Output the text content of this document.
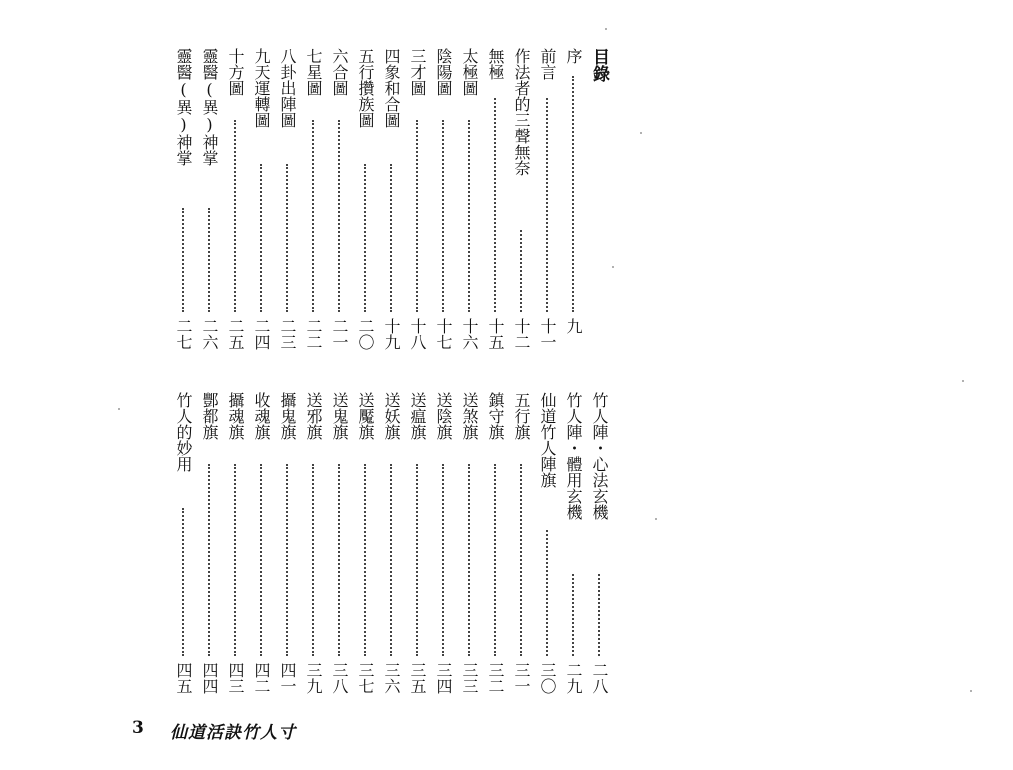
目錄
序
九
前言
十一
作法者的三聲無奈
十二
無極
十五
太極圖
十六
陰陽圖
十七
三才圖
十八
四象和合圖
十九
五行攢族圖
二〇
六合圖
二一
七星圖
二二
八卦出陣圖
二三
九天運轉圖
二四
十方圖
二五
靈醫(異)神掌
二六
靈醫(異)神掌
二七
竹人陣・心法玄機
二八
竹人陣・體用玄機
二九
仙道竹人陣旗
三〇
五行旗
三一
鎮守旗
三二
送煞旗
三三
送陰旗
三四
送瘟旗
三五
送妖旗
三六
送魘旗
三七
送鬼旗
三八
送邪旗
三九
攝鬼旗
四一
收魂旗
四二
攝魂旗
四三
酆都旗
四四
竹人的妙用
四五
3 仙道活訣竹人寸
